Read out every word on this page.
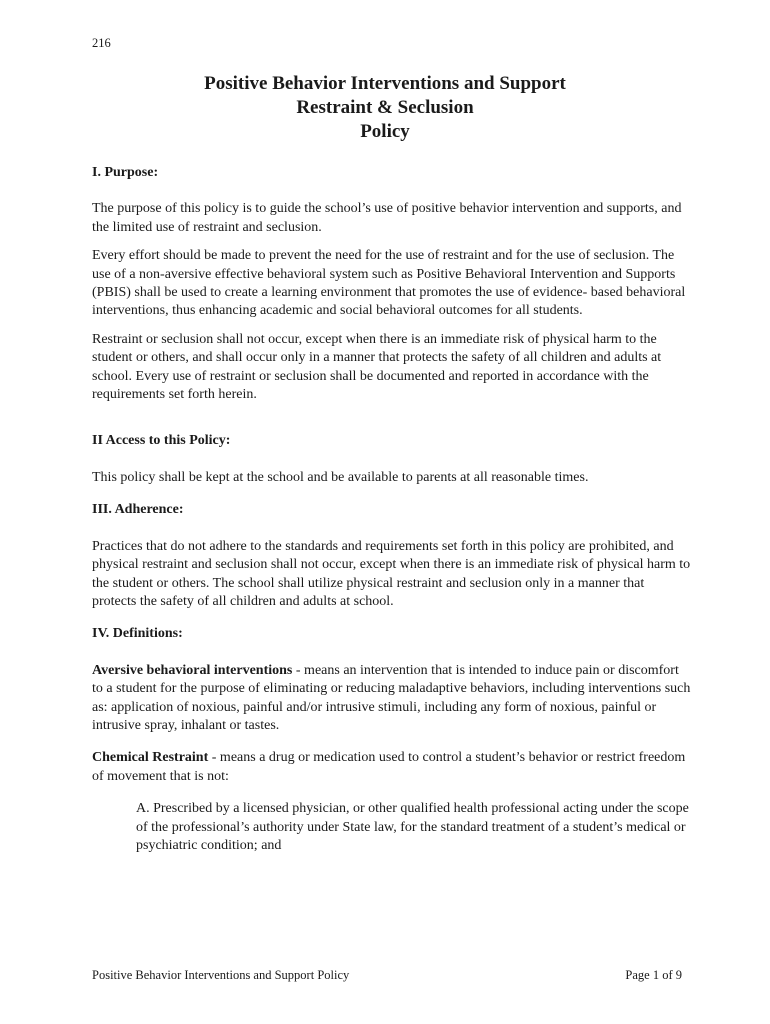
216
Positive Behavior Interventions and Support
Restraint & Seclusion
Policy

I. Purpose:

The purpose of this policy is to guide the school’s use of positive behavior intervention and supports, and the limited use of restraint and seclusion.

Every effort should be made to prevent the need for the use of restraint and for the use of seclusion. The use of a non-aversive effective behavioral system such as Positive Behavioral Intervention and Supports (PBIS) shall be used to create a learning environment that promotes the use of evidence- based behavioral interventions, thus enhancing academic and social behavioral outcomes for all students.

Restraint or seclusion shall not occur, except when there is an immediate risk of physical harm to the student or others, and shall occur only in a manner that protects the safety of all children and adults at school. Every use of restraint or seclusion shall be documented and reported in accordance with the requirements set forth herein.

II Access to this Policy:

This policy shall be kept at the school and be available to parents at all reasonable times.

III. Adherence:

Practices that do not adhere to the standards and requirements set forth in this policy are prohibited, and physical restraint and seclusion shall not occur, except when there is an immediate risk of physical harm to the student or others. The school shall utilize physical restraint and seclusion only in a manner that protects the safety of all children and adults at school.

IV. Definitions:

Aversive behavioral interventions - means an intervention that is intended to induce pain or discomfort to a student for the purpose of eliminating or reducing maladaptive behaviors, including interventions such as: application of noxious, painful and/or intrusive stimuli, including any form of noxious, painful or intrusive spray, inhalant or tastes.

Chemical Restraint - means a drug or medication used to control a student’s behavior or restrict freedom of movement that is not:

A. Prescribed by a licensed physician, or other qualified health professional acting under the scope of the professional’s authority under State law, for the standard treatment of a student’s medical or psychiatric condition; and

Positive Behavior Interventions and Support Policy	Page 1 of 9
